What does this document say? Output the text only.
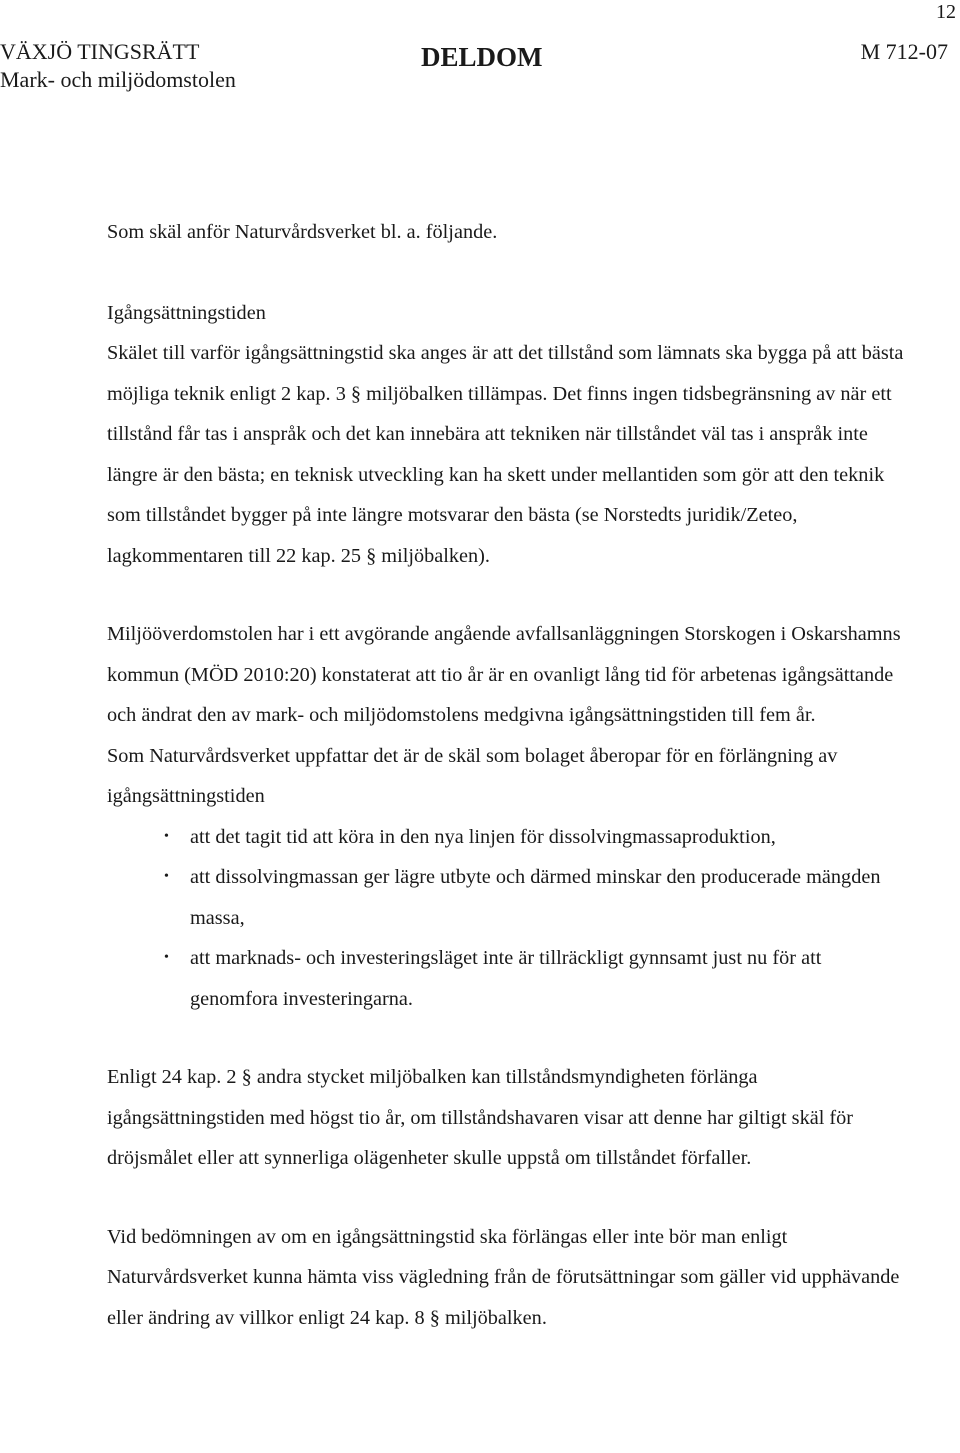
12
VÄXJÖ TINGSRÄTT
Mark- och miljödomstolen
DELDOM	M 712-07

Som skäl anför Naturvårdsverket bl. a. följande.

Igångsättningstiden

Skälet till varför igångsättningstid ska anges är att det tillstånd som lämnats ska bygga på att bästa möjliga teknik enligt 2 kap. 3 § miljöbalken tillämpas. Det finns ingen tidsbegränsning av när ett tillstånd får tas i anspråk och det kan innebära att tekniken när tillståndet väl tas i anspråk inte längre är den bästa; en teknisk utveckling kan ha skett under mellantiden som gör att den teknik som tillståndet bygger på inte längre motsvarar den bästa (se Norstedts juridik/Zeteo, lagkommentaren till 22 kap. 25 § miljöbalken).

Miljööverdomstolen har i ett avgörande angående avfallsanläggningen Storskogen i Oskarshamns kommun (MÖD 2010:20) konstaterat att tio år är en ovanligt lång tid för arbetenas igångsättande och ändrat den av mark- och miljödomstolens medgivna igångsättningstiden till fem år.

Som Naturvårdsverket uppfattar det är de skäl som bolaget åberopar för en förlängning av igångsättningstiden

• att det tagit tid att köra in den nya linjen för dissolvingmassaproduktion,
• att dissolvingmassan ger lägre utbyte och därmed minskar den producerade mängden massa,
• att marknads- och investeringsläget inte är tillräckligt gynnsamt just nu för att genomfora investeringarna.

Enligt 24 kap. 2 § andra stycket miljöbalken kan tillståndsmyndigheten förlänga igångsättningstiden med högst tio år, om tillståndshavaren visar att denne har giltigt skäl för dröjsmålet eller att synnerliga olägenheter skulle uppstå om tillståndet förfaller.

Vid bedömningen av om en igångsättningstid ska förlängas eller inte bör man enligt Naturvårdsverket kunna hämta viss vägledning från de förutsättningar som gäller vid upphävande eller ändring av villkor enligt 24 kap. 8 § miljöbalken.
